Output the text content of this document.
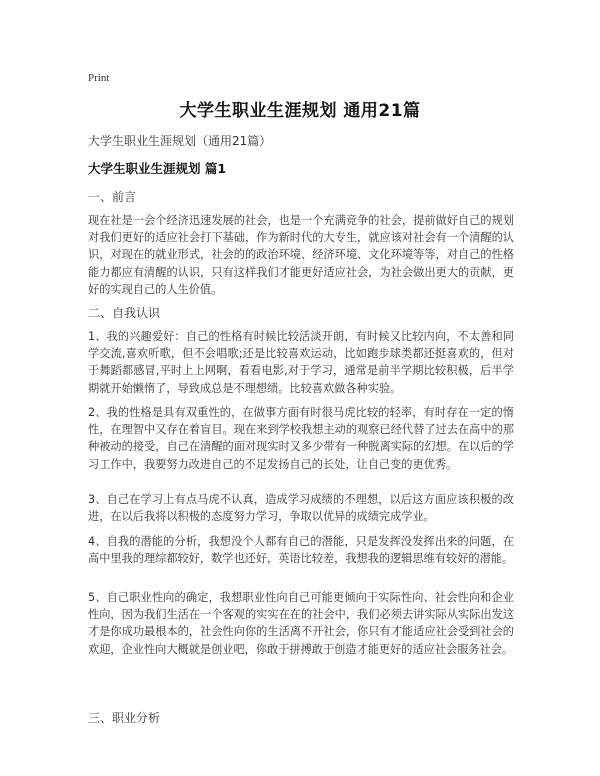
Print
大学生职业生涯规划 通用21篇
大学生职业生涯规划（通用21篇）
大学生职业生涯规划 篇1
一、前言

现在社是一会个经济迅速发展的社会，也是一个充满竞争的社会，提前做好自己的规划对我们更好的适应社会打下基础，作为新时代的大专生，就应该对社会有一个清醒的认识，对现在的就业形式，社会的的政治环境、经济环境、文化环境等等，对自己的性格能力都应有清醒的认识，只有这样我们才能更好适应社会，为社会做出更大的贡献，更好的实现自己的人生价值。

二、自我认识

1、我的兴趣爱好：自己的性格有时候比较活淡开朗，有时候又比较内向，不太善和同学交流,喜欢听歌，但不会唱歌;还是比较喜欢运动，比如跑步球类都还挺喜欢的，但对于舞蹈都感冒,平时上上网啊，看看电影,对于学习，通常是前半学期比较积极，后半学期就开始懒惰了，导致成总是不理想绩。比较喜欢做各种实验。

2、我的性格是具有双重性的，在做事方面有时很马虎比较的轻率，有时存在一定的惰性，在理智中又存在着盲目。现在来到学校我想主动的观察已经代替了过去在高中的那种被动的接受，自己在清醒的面对现实时又多少带有一种脱离实际的幻想。在以后的学习工作中，我要努力改进自己的不足发扬自己的长处，让自己变的更优秀。

3、自己在学习上有点马虎不认真，造成学习成绩的不理想，以后这方面应该积极的改进，在以后我将以积极的态度努力学习，争取以优异的成绩完成学业。

4、自我的潜能的分析，我想没个人都有自己的潜能，只是发挥没发挥出来的问题，在高中里我的理综都较好，数学也还好，英语比较差，我想我的逻辑思维有较好的潜能。

5、自己职业性向的确定，我想职业性向自己可能更倾向于实际性向、社会性向和企业性向，因为我们生活在一个客观的实实在在的社会中，我们必须去讲实际从实际出发这才是你成功最根本的，社会性向你的生活离不开社会，你只有才能适应社会受到社会的欢迎，企业性向大概就是创业吧，你敢于拼搏敢于创造才能更好的适应社会服务社会。

三、职业分析
